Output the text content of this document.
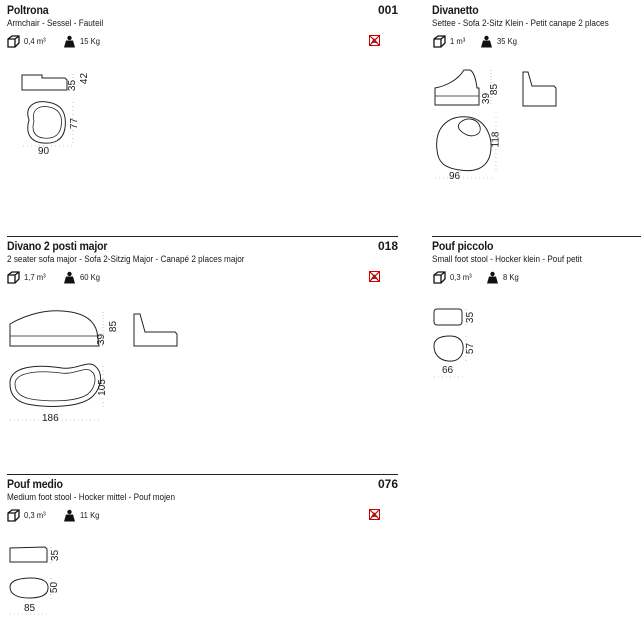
Poltrona	001
Armchair - Sessel - Fauteil
0,4 m³	15 Kg
35
42
77
90
Divanetto
Settee - Sofa 2-Sitz Klein - Petit canape 2 places
1 m³	35 Kg
39
85
118
96
Divano 2 posti major	018
2 seater sofa major - Sofa 2-Sitzig Major - Canapé 2 places major
1,7 m³	60 Kg
39
85
105
186
Pouf piccolo
Small foot stool - Hocker klein - Pouf petit
0,3 m³	8 Kg
35
57
66
Pouf medio	076
Medium foot stool - Hocker mittel - Pouf mojen
0,3 m³	11 Kg
35
50
85
